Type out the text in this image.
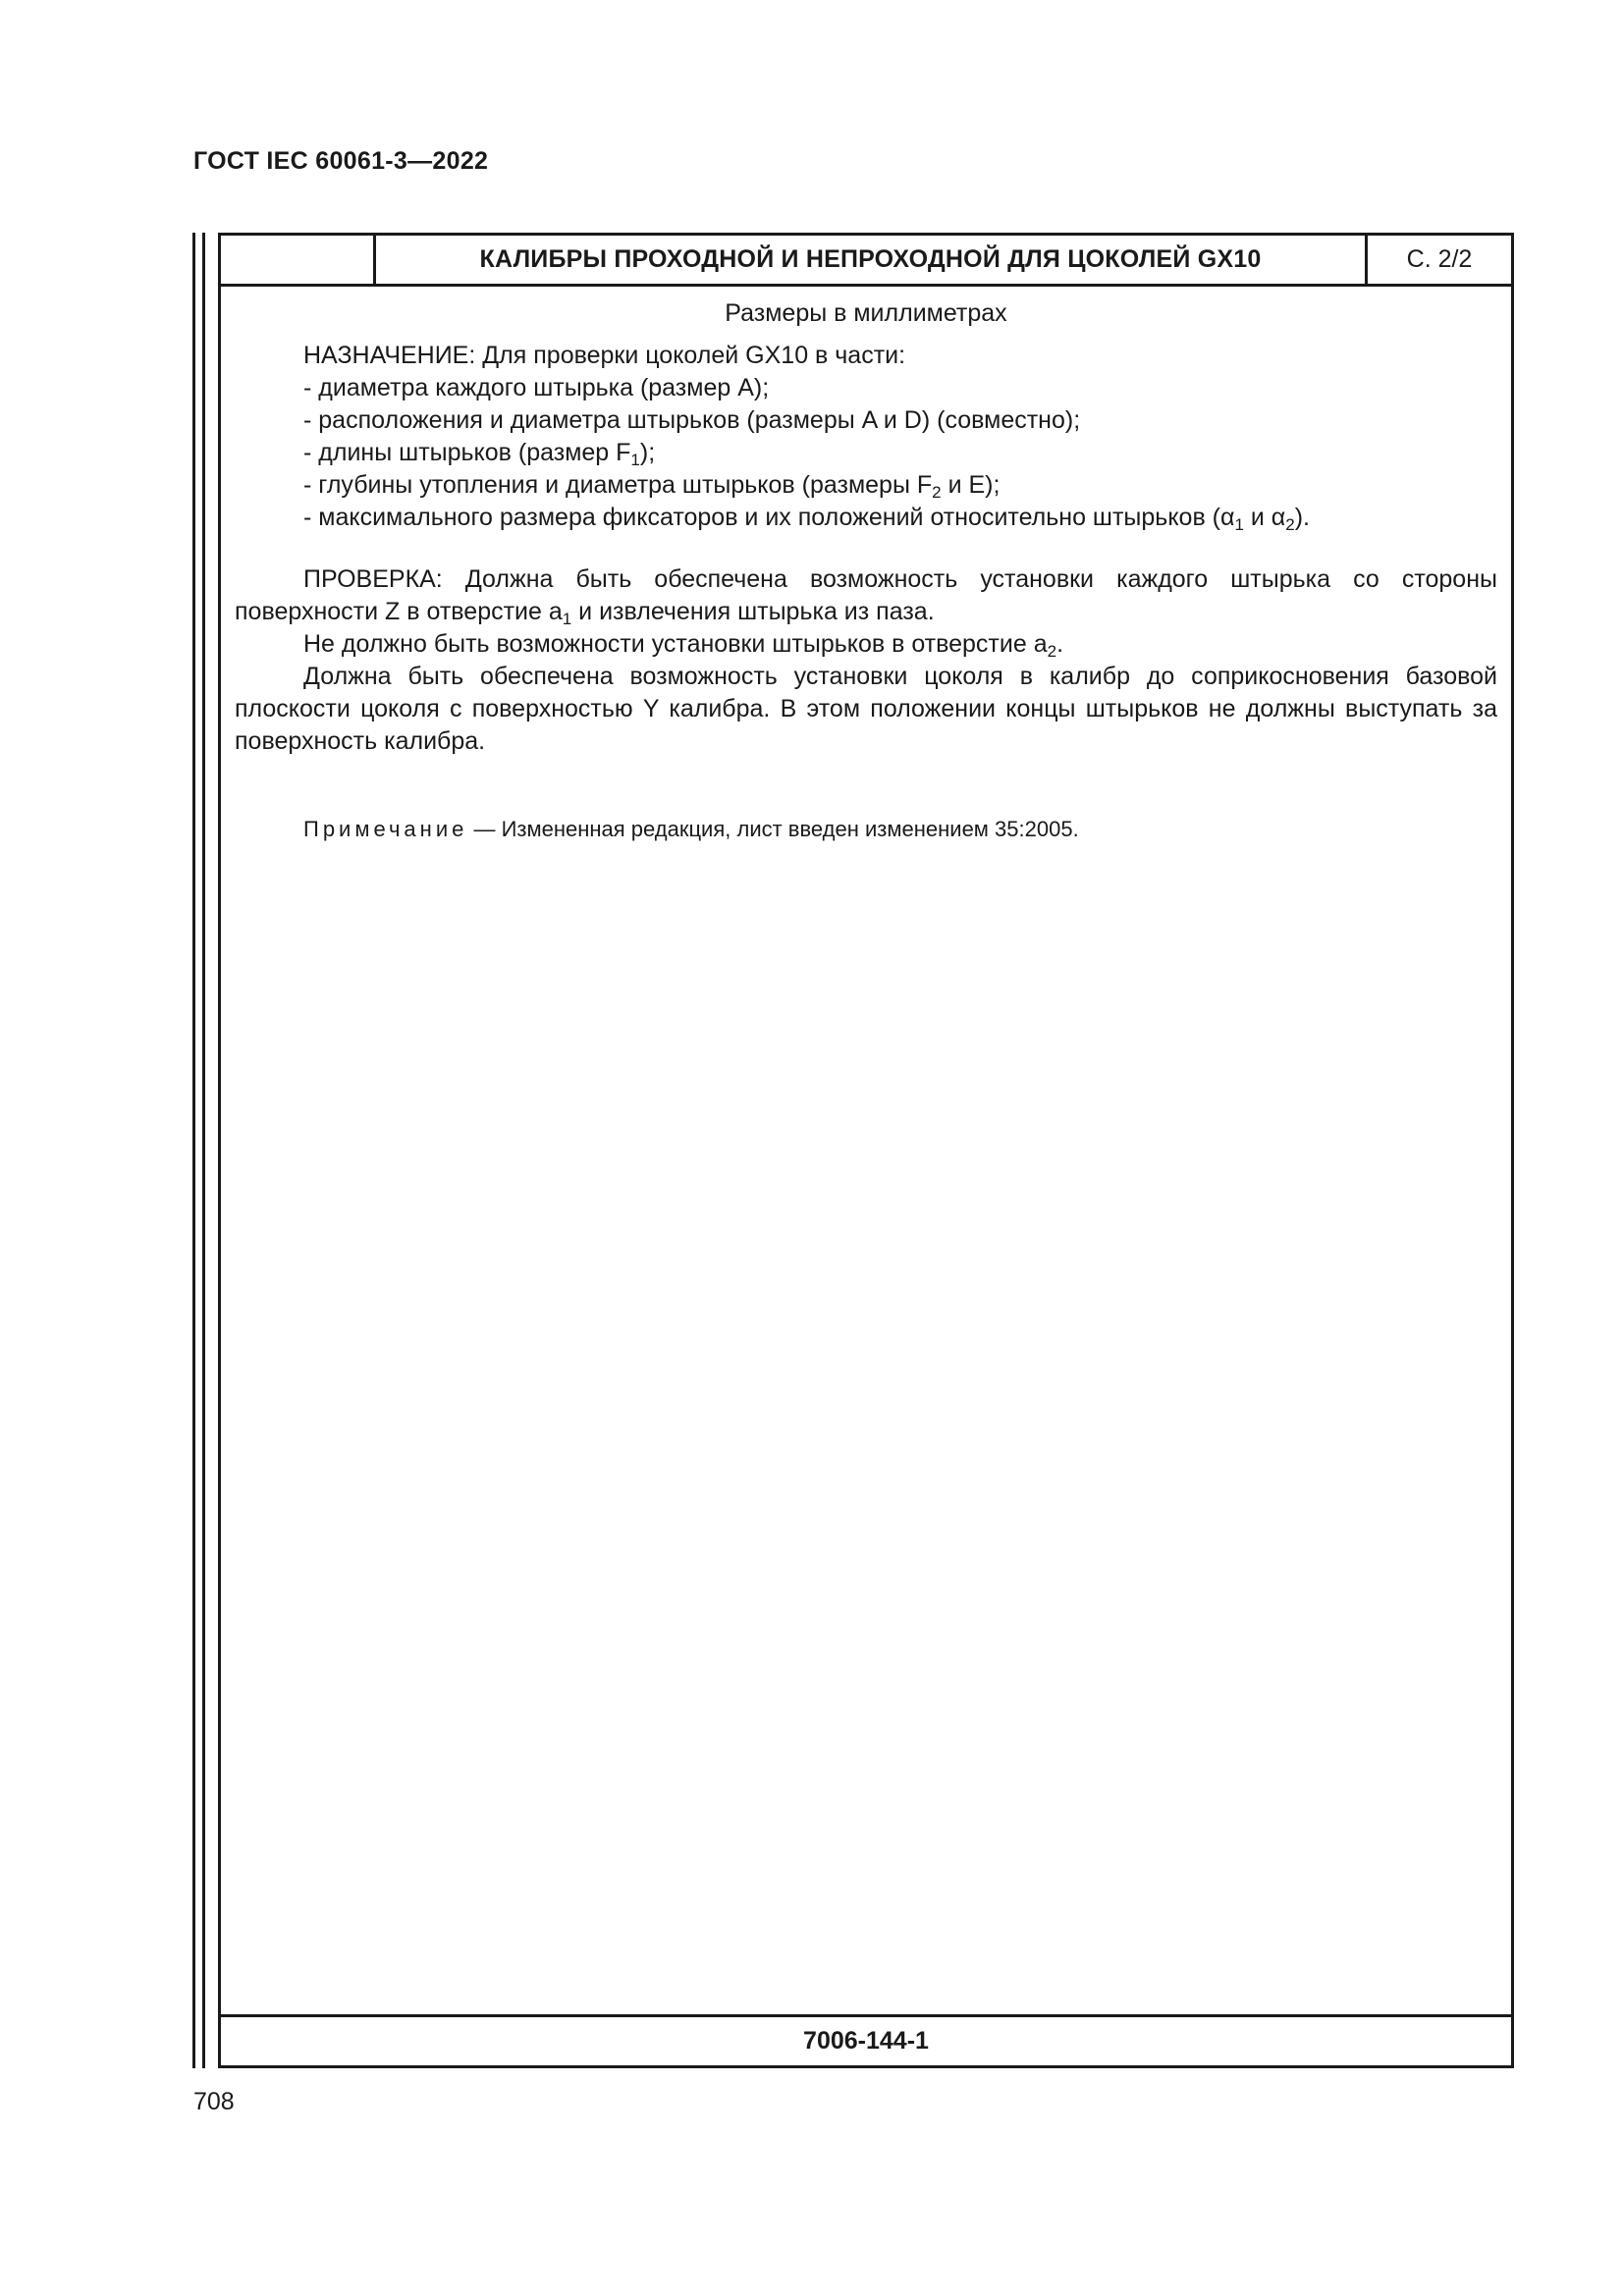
ГОСТ IEC 60061-3—2022
КАЛИБРЫ ПРОХОДНОЙ И НЕПРОХОДНОЙ ДЛЯ ЦОКОЛЕЙ GX10	С. 2/2
Размеры в миллиметрах
НАЗНАЧЕНИЕ: Для проверки цоколей GX10 в части:
- диаметра каждого штырька (размер A);
- расположения и диаметра штырьков (размеры A и D) (совместно);
- длины штырьков (размер $F_1$);
- глубины утопления и диаметра штырьков (размеры $F_2$ и E);
- максимального размера фиксаторов и их положений относительно штырьков ($\alpha_1$ и $\alpha_2$).
ПРОВЕРКА: Должна быть обеспечена возможность установки каждого штырька со стороны поверхности Z в отверстие $a_1$ и извлечения штырька из паза.
Не должно быть возможности установки штырьков в отверстие $a_2$.
Должна быть обеспечена возможность установки цоколя в калибр до соприкосновения базовой плоскости цоколя с поверхностью Y калибра. В этом положении концы штырьков не должны выступать за поверхность калибра.
Примечание — Измененная редакция, лист введен изменением 35:2005.
7006-144-1
708
